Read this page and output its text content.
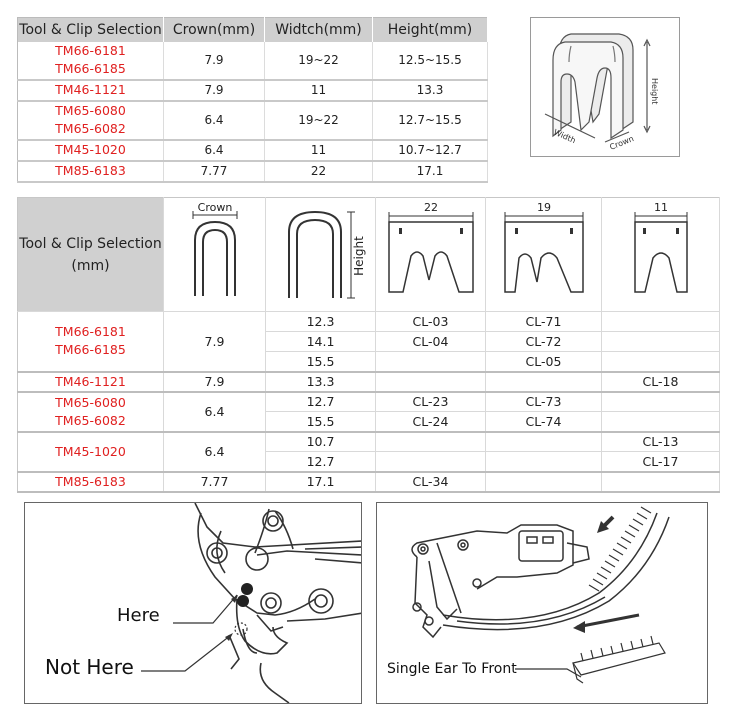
Tool & Clip Selection	Crown(mm)	Widtch(mm)	Height(mm)

TM66-6181
TM66-6185	7.9	19~22	12.5~15.5
TM46-1121	7.9	11	13.3

TM65-6080
TM65-6082	6.4	19~22	12.7~15.5
TM45-1020	6.4	11	10.7~12.7
TM85-6183	7.77	22	17.1
Height
Width	Crown
Tool & Clip Selection
(mm)	Crown	Height	22	19	11

TM66-6181
TM66-6185	7.9	12.3	CL-03	CL-71	
		14.1	CL-04	CL-72	
		15.5		CL-05	
TM46-1121	7.9	13.3			CL-18

TM65-6080
TM65-6082	6.4	12.7	CL-23	CL-73	
		15.5	CL-24	CL-74	
TM45-1020	6.4	10.7			CL-13
		12.7			CL-17
TM85-6183	7.77	17.1	CL-34		
Here
Not Here	Single Ear To Front
